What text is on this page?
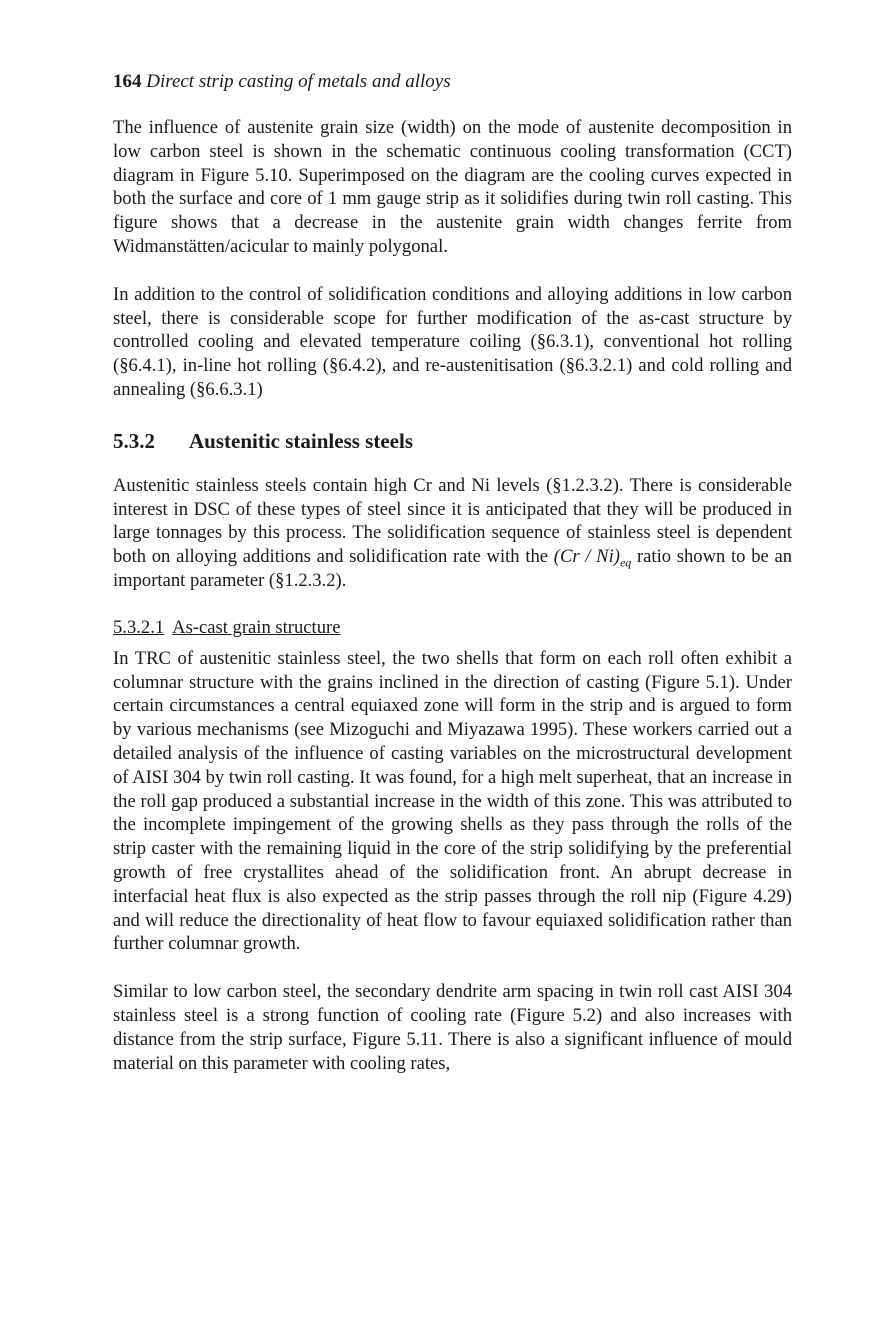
164 Direct strip casting of metals and alloys

The influence of austenite grain size (width) on the mode of austenite decomposition in low carbon steel is shown in the schematic continuous cooling transformation (CCT) diagram in Figure 5.10. Superimposed on the diagram are the cooling curves expected in both the surface and core of 1 mm gauge strip as it solidifies during twin roll casting. This figure shows that a decrease in the austenite grain width changes ferrite from Widmanstätten/acicular to mainly polygonal.

In addition to the control of solidification conditions and alloying additions in low carbon steel, there is considerable scope for further modification of the as-cast structure by controlled cooling and elevated temperature coiling (§6.3.1), conventional hot rolling (§6.4.1), in-line hot rolling (§6.4.2), and re-austenitisation (§6.3.2.1) and cold rolling and annealing (§6.6.3.1)

5.3.2 Austenitic stainless steels

Austenitic stainless steels contain high Cr and Ni levels (§1.2.3.2). There is considerable interest in DSC of these types of steel since it is anticipated that they will be produced in large tonnages by this process. The solidification sequence of stainless steel is dependent both on alloying additions and solidification rate with the $(Cr / Ni)_{eq}$ ratio shown to be an important parameter (§1.2.3.2).

5.3.2.1 As-cast grain structure

In TRC of austenitic stainless steel, the two shells that form on each roll often exhibit a columnar structure with the grains inclined in the direction of casting (Figure 5.1). Under certain circumstances a central equiaxed zone will form in the strip and is argued to form by various mechanisms (see Mizoguchi and Miyazawa 1995). These workers carried out a detailed analysis of the influence of casting variables on the microstructural development of AISI 304 by twin roll casting. It was found, for a high melt superheat, that an increase in the roll gap produced a substantial increase in the width of this zone. This was attributed to the incomplete impingement of the growing shells as they pass through the rolls of the strip caster with the remaining liquid in the core of the strip solidifying by the preferential growth of free crystallites ahead of the solidification front. An abrupt decrease in interfacial heat flux is also expected as the strip passes through the roll nip (Figure 4.29) and will reduce the directionality of heat flow to favour equiaxed solidification rather than further columnar growth.

Similar to low carbon steel, the secondary dendrite arm spacing in twin roll cast AISI 304 stainless steel is a strong function of cooling rate (Figure 5.2) and also increases with distance from the strip surface, Figure 5.11. There is also a significant influence of mould material on this parameter with cooling rates,
